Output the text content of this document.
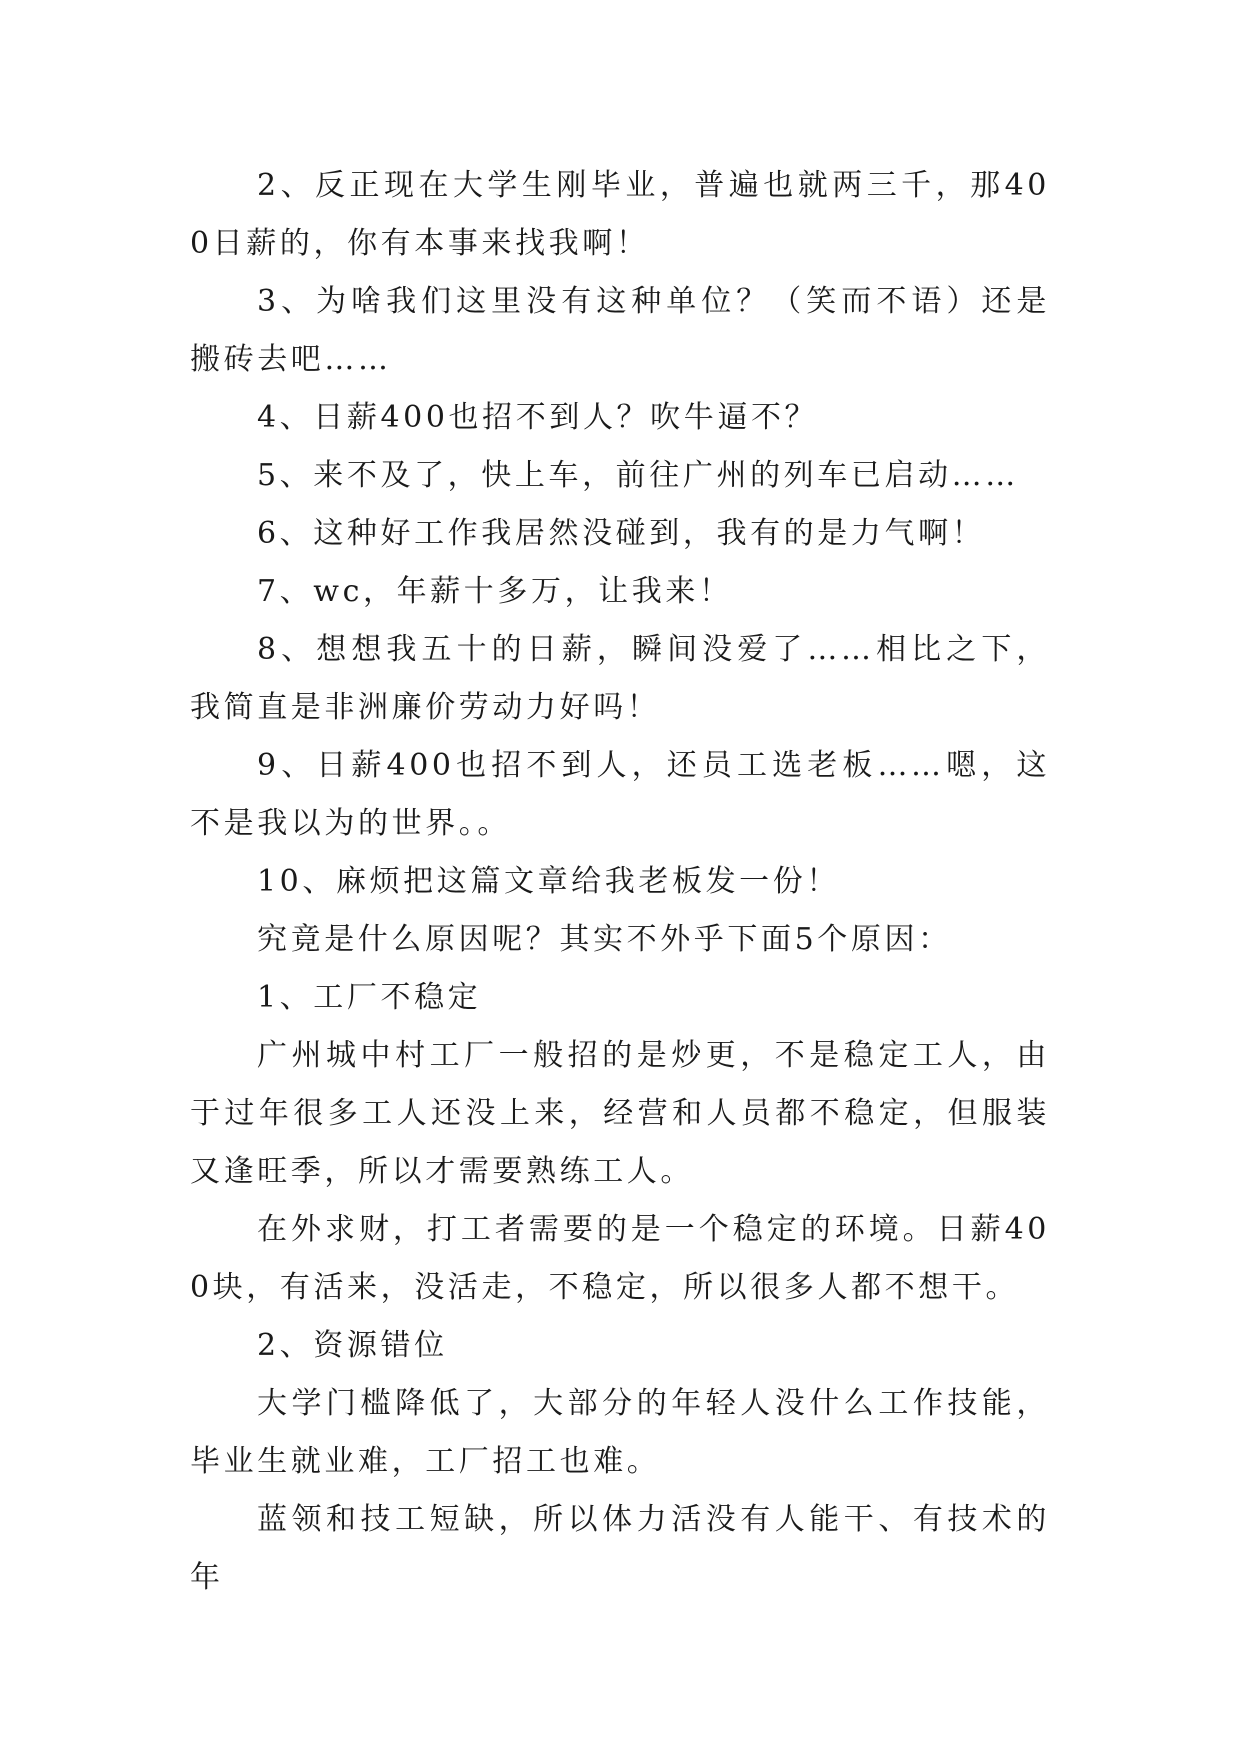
2、反正现在大学生刚毕业，普遍也就两三千，那400日薪的，你有本事来找我啊！

3、为啥我们这里没有这种单位？（笑而不语）还是搬砖去吧……

4、日薪400也招不到人？吹牛逼不？

5、来不及了，快上车，前往广州的列车已启动……

6、这种好工作我居然没碰到，我有的是力气啊！

7、wc，年薪十多万，让我来！

8、想想我五十的日薪，瞬间没爱了……相比之下，我简直是非洲廉价劳动力好吗！

9、日薪400也招不到人，还员工选老板……嗯，这不是我以为的世界。。

10、麻烦把这篇文章给我老板发一份！

究竟是什么原因呢？其实不外乎下面5个原因：

1、工厂不稳定

广州城中村工厂一般招的是炒更，不是稳定工人，由于过年很多工人还没上来，经营和人员都不稳定，但服装又逢旺季，所以才需要熟练工人。

在外求财，打工者需要的是一个稳定的环境。日薪400块，有活来，没活走，不稳定，所以很多人都不想干。

2、资源错位

大学门槛降低了，大部分的年轻人没什么工作技能，毕业生就业难，工厂招工也难。

蓝领和技工短缺，所以体力活没有人能干、有技术的年
